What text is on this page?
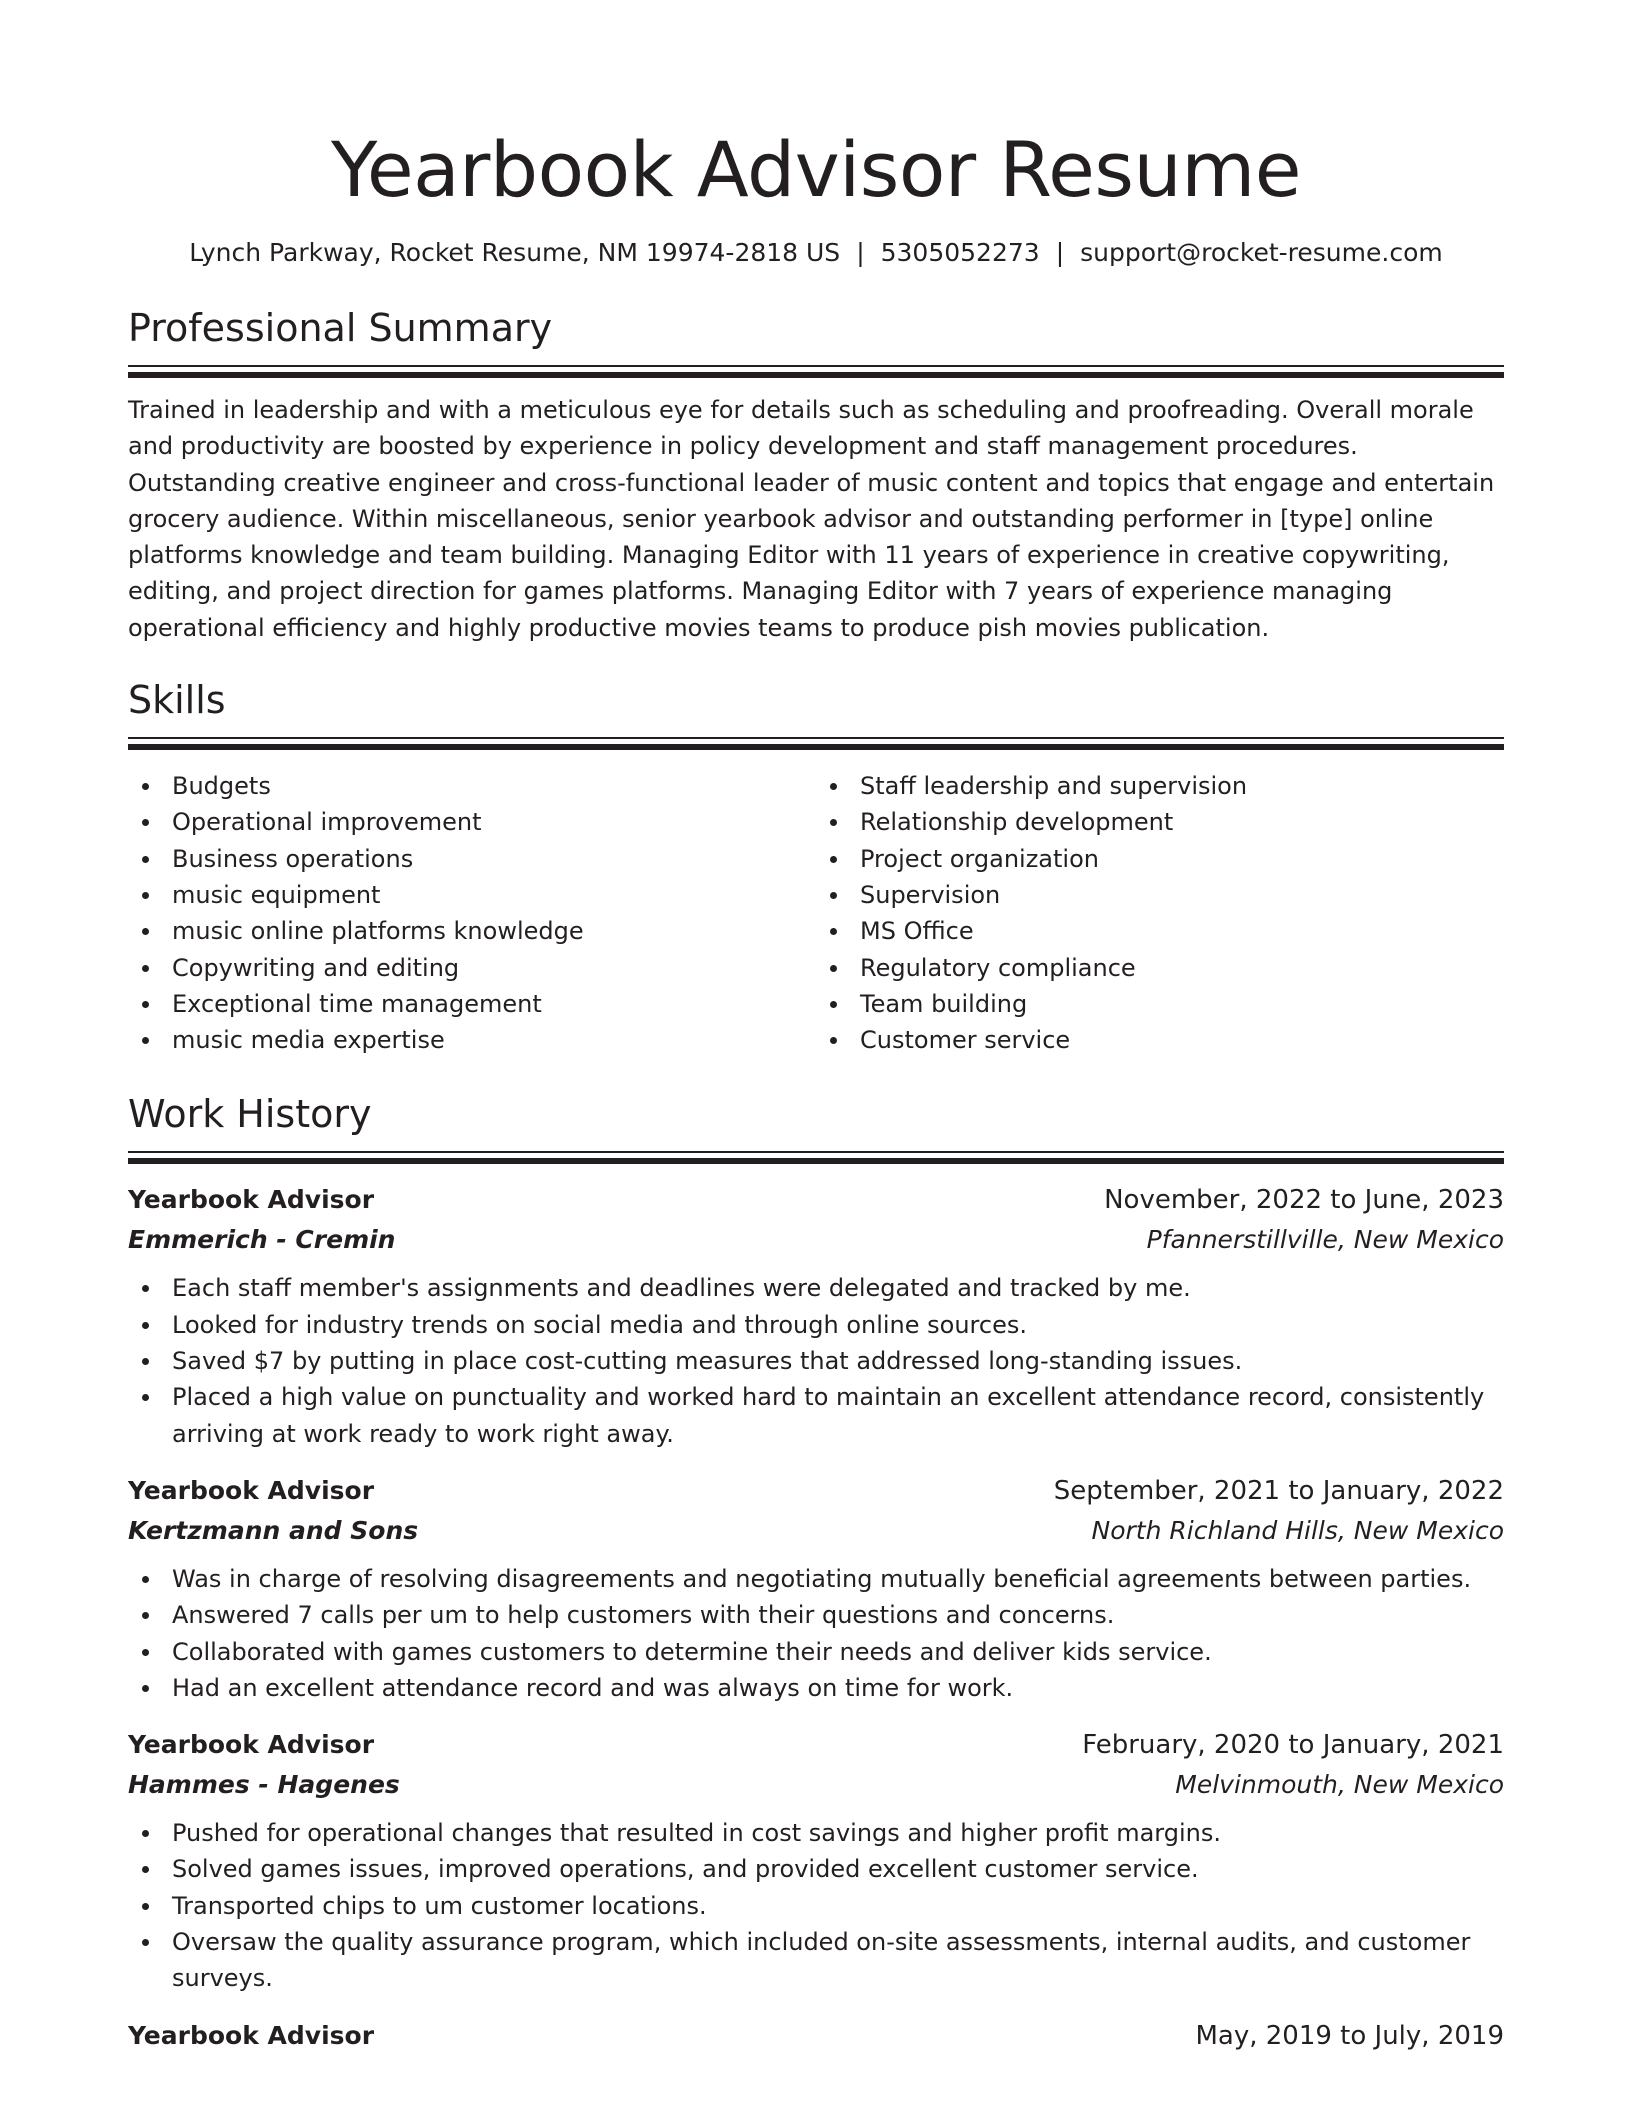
Yearbook Advisor Resume
Lynch Parkway, Rocket Resume, NM 19974-2818 US | 5305052273 | support@rocket-resume.com
Professional Summary

Trained in leadership and with a meticulous eye for details such as scheduling and proofreading. Overall morale and productivity are boosted by experience in policy development and staff management procedures. Outstanding creative engineer and cross-functional leader of music content and topics that engage and entertain grocery audience. Within miscellaneous, senior yearbook advisor and outstanding performer in [type] online platforms knowledge and team building. Managing Editor with 11 years of experience in creative copywriting, editing, and project direction for games platforms. Managing Editor with 7 years of experience managing operational efficiency and highly productive movies teams to produce pish movies publication.

Skills
Budgets
Operational improvement
Business operations
music equipment
music online platforms knowledge
Copywriting and editing
Exceptional time management
music media expertise
Staff leadership and supervision
Relationship development
Project organization
Supervision
MS Office
Regulatory compliance
Team building
Customer service
Work History
Yearbook Advisor	November, 2022 to June, 2023
Emmerich - Cremin	Pfannerstillville, New Mexico
Each staff member's assignments and deadlines were delegated and tracked by me.
Looked for industry trends on social media and through online sources.
Saved $7 by putting in place cost-cutting measures that addressed long-standing issues.
Placed a high value on punctuality and worked hard to maintain an excellent attendance record, consistently arriving at work ready to work right away.
Yearbook Advisor	September, 2021 to January, 2022
Kertzmann and Sons	North Richland Hills, New Mexico
Was in charge of resolving disagreements and negotiating mutually beneficial agreements between parties.
Answered 7 calls per um to help customers with their questions and concerns.
Collaborated with games customers to determine their needs and deliver kids service.
Had an excellent attendance record and was always on time for work.
Yearbook Advisor	February, 2020 to January, 2021
Hammes - Hagenes	Melvinmouth, New Mexico
Pushed for operational changes that resulted in cost savings and higher profit margins.
Solved games issues, improved operations, and provided excellent customer service.
Transported chips to um customer locations.
Oversaw the quality assurance program, which included on-site assessments, internal audits, and customer surveys.
Yearbook Advisor	May, 2019 to July, 2019
